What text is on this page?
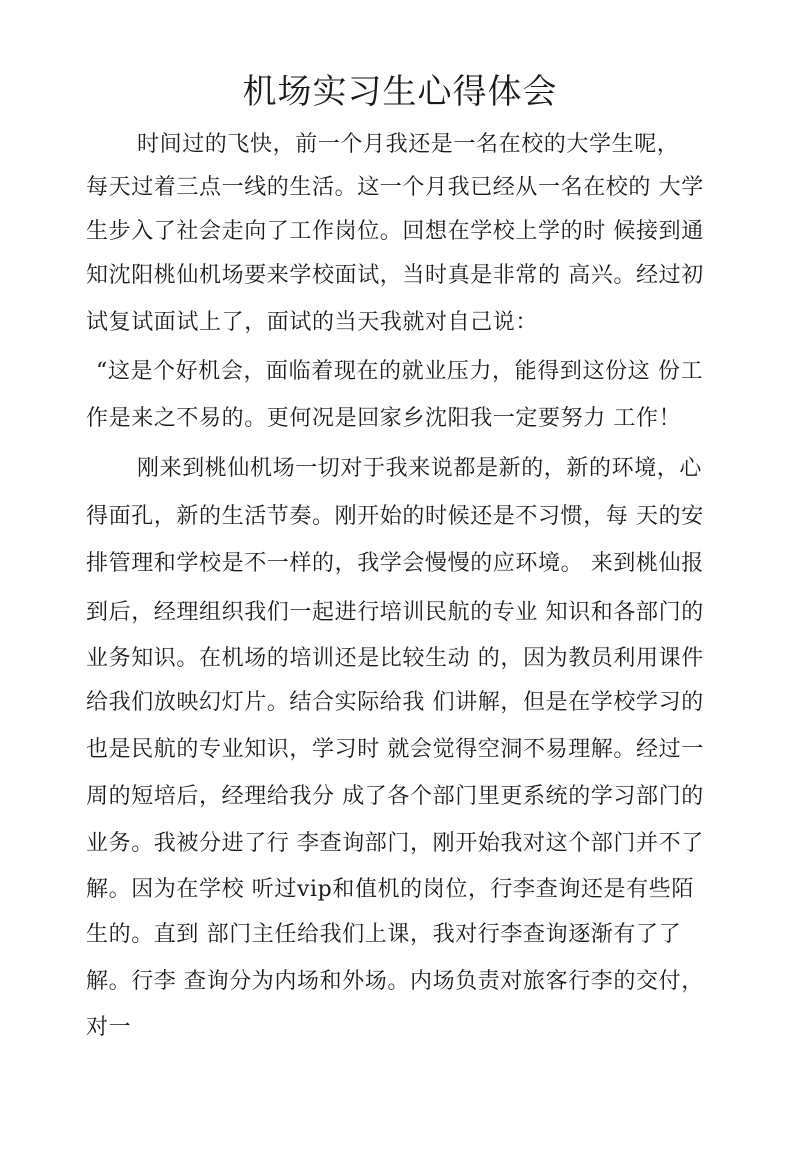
机场实习生心得体会
时间过的飞快，前一个月我还是一名在校的大学生呢，
每天过着三点一线的生活。这一个月我已经从一名在校的 大学
生步入了社会走向了工作岗位。回想在学校上学的时 候接到通
知沈阳桃仙机场要来学校面试，当时真是非常的 高兴。经过初
试复试面试上了，面试的当天我就对自己说：
“这是个好机会，面临着现在的就业压力，能得到这份这 份工
作是来之不易的。更何况是回家乡沈阳我一定要努力 工作！
刚来到桃仙机场一切对于我来说都是新的，新的环境，心
得面孔，新的生活节奏。刚开始的时候还是不习惯，每 天的安
排管理和学校是不一样的，我学会慢慢的应环境。 来到桃仙报
到后，经理组织我们一起进行培训民航的专业 知识和各部门的
业务知识。在机场的培训还是比较生动 的，因为教员利用课件
给我们放映幻灯片。结合实际给我 们讲解，但是在学校学习的
也是民航的专业知识，学习时 就会觉得空洞不易理解。经过一
周的短培后，经理给我分 成了各个部门里更系统的学习部门的
业务。我被分进了行 李查询部门，刚开始我对这个部门并不了
解。因为在学校 听过vip和值机的岗位，行李查询还是有些陌
生的。直到 部门主任给我们上课，我对行李查询逐渐有了了
解。行李 查询分为内场和外场。内场负责对旅客行李的交付，
对一
